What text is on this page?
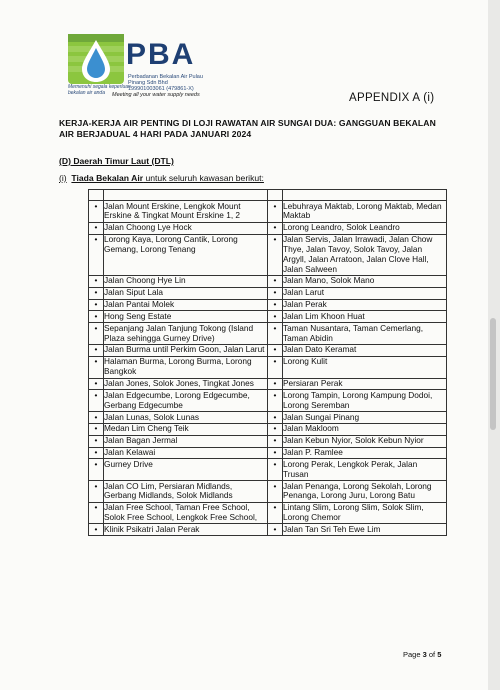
PBA
Perbadanan Bekalan Air Pulau Pinang Sdn Bhd
199901003061 (479861-X)
Memenuhi segala keperluan bekalan air anda	Meeting all your water supply needs	APPENDIX A (i)
KERJA-KERJA AIR PENTING DI LOJI RAWATAN AIR SUNGAI DUA: GANGGUAN BEKALAN AIR BERJADUAL 4 HARI PADA JANUARI 2024
(D) Daerah Timur Laut (DTL)
(i) Tiada Bekalan Air untuk seluruh kawasan berikut:

•	Jalan Mount Erskine, Lengkok Mount Erskine & Tingkat Mount Erskine 1, 2	•	Lebuhraya Maktab, Lorong Maktab, Medan Maktab
•	Jalan Choong Lye Hock	•	Lorong Leandro, Solok Leandro
•	Lorong Kaya, Lorong Cantik, Lorong Gemang, Lorong Tenang	•	Jalan Servis, Jalan Irrawadi, Jalan Chow Thye, Jalan Tavoy, Solok Tavoy, Jalan Argyll, Jalan Arratoon, Jalan Clove Hall, Jalan Salween
•	Jalan Choong Hye Lin	•	Jalan Mano, Solok Mano
•	Jalan Siput Lala	•	Jalan Larut
•	Jalan Pantai Molek	•	Jalan Perak
•	Hong Seng Estate	•	Jalan Lim Khoon Huat
•	Sepanjang Jalan Tanjung Tokong (Island Plaza sehingga Gurney Drive)	•	Taman Nusantara, Taman Cemerlang, Taman Abidin
•	Jalan Burma until Perkim Goon, Jalan Larut	•	Jalan Dato Keramat
•	Halaman Burma, Lorong Burma, Lorong Bangkok	•	Lorong Kulit
•	Jalan Jones, Solok Jones, Tingkat Jones	•	Persiaran Perak
•	Jalan Edgecumbe, Lorong Edgecumbe, Gerbang Edgecumbe	•	Lorong Tampin, Lorong Kampung Dodoi, Lorong Seremban
•	Jalan Lunas, Solok Lunas	•	Jalan Sungai Pinang
•	Medan Lim Cheng Teik	•	Jalan Makloom
•	Jalan Bagan Jermal	•	Jalan Kebun Nyior, Solok Kebun Nyior
•	Jalan Kelawai	•	Jalan P. Ramlee
•	Gurney Drive	•	Lorong Perak, Lengkok Perak, Jalan Trusan
•	Jalan CO Lim, Persiaran Midlands, Gerbang Midlands, Solok Midlands	•	Jalan Penanga, Lorong Sekolah, Lorong Penanga, Lorong Juru, Lorong Batu
•	Jalan Free School, Taman Free School, Solok Free School, Lengkok Free School,	•	Lintang Slim, Lorong Slim, Solok Slim, Lorong Chemor
•	Klinik Psikatri Jalan Perak	•	Jalan Tan Sri Teh Ewe Lim
Page 3 of 5
